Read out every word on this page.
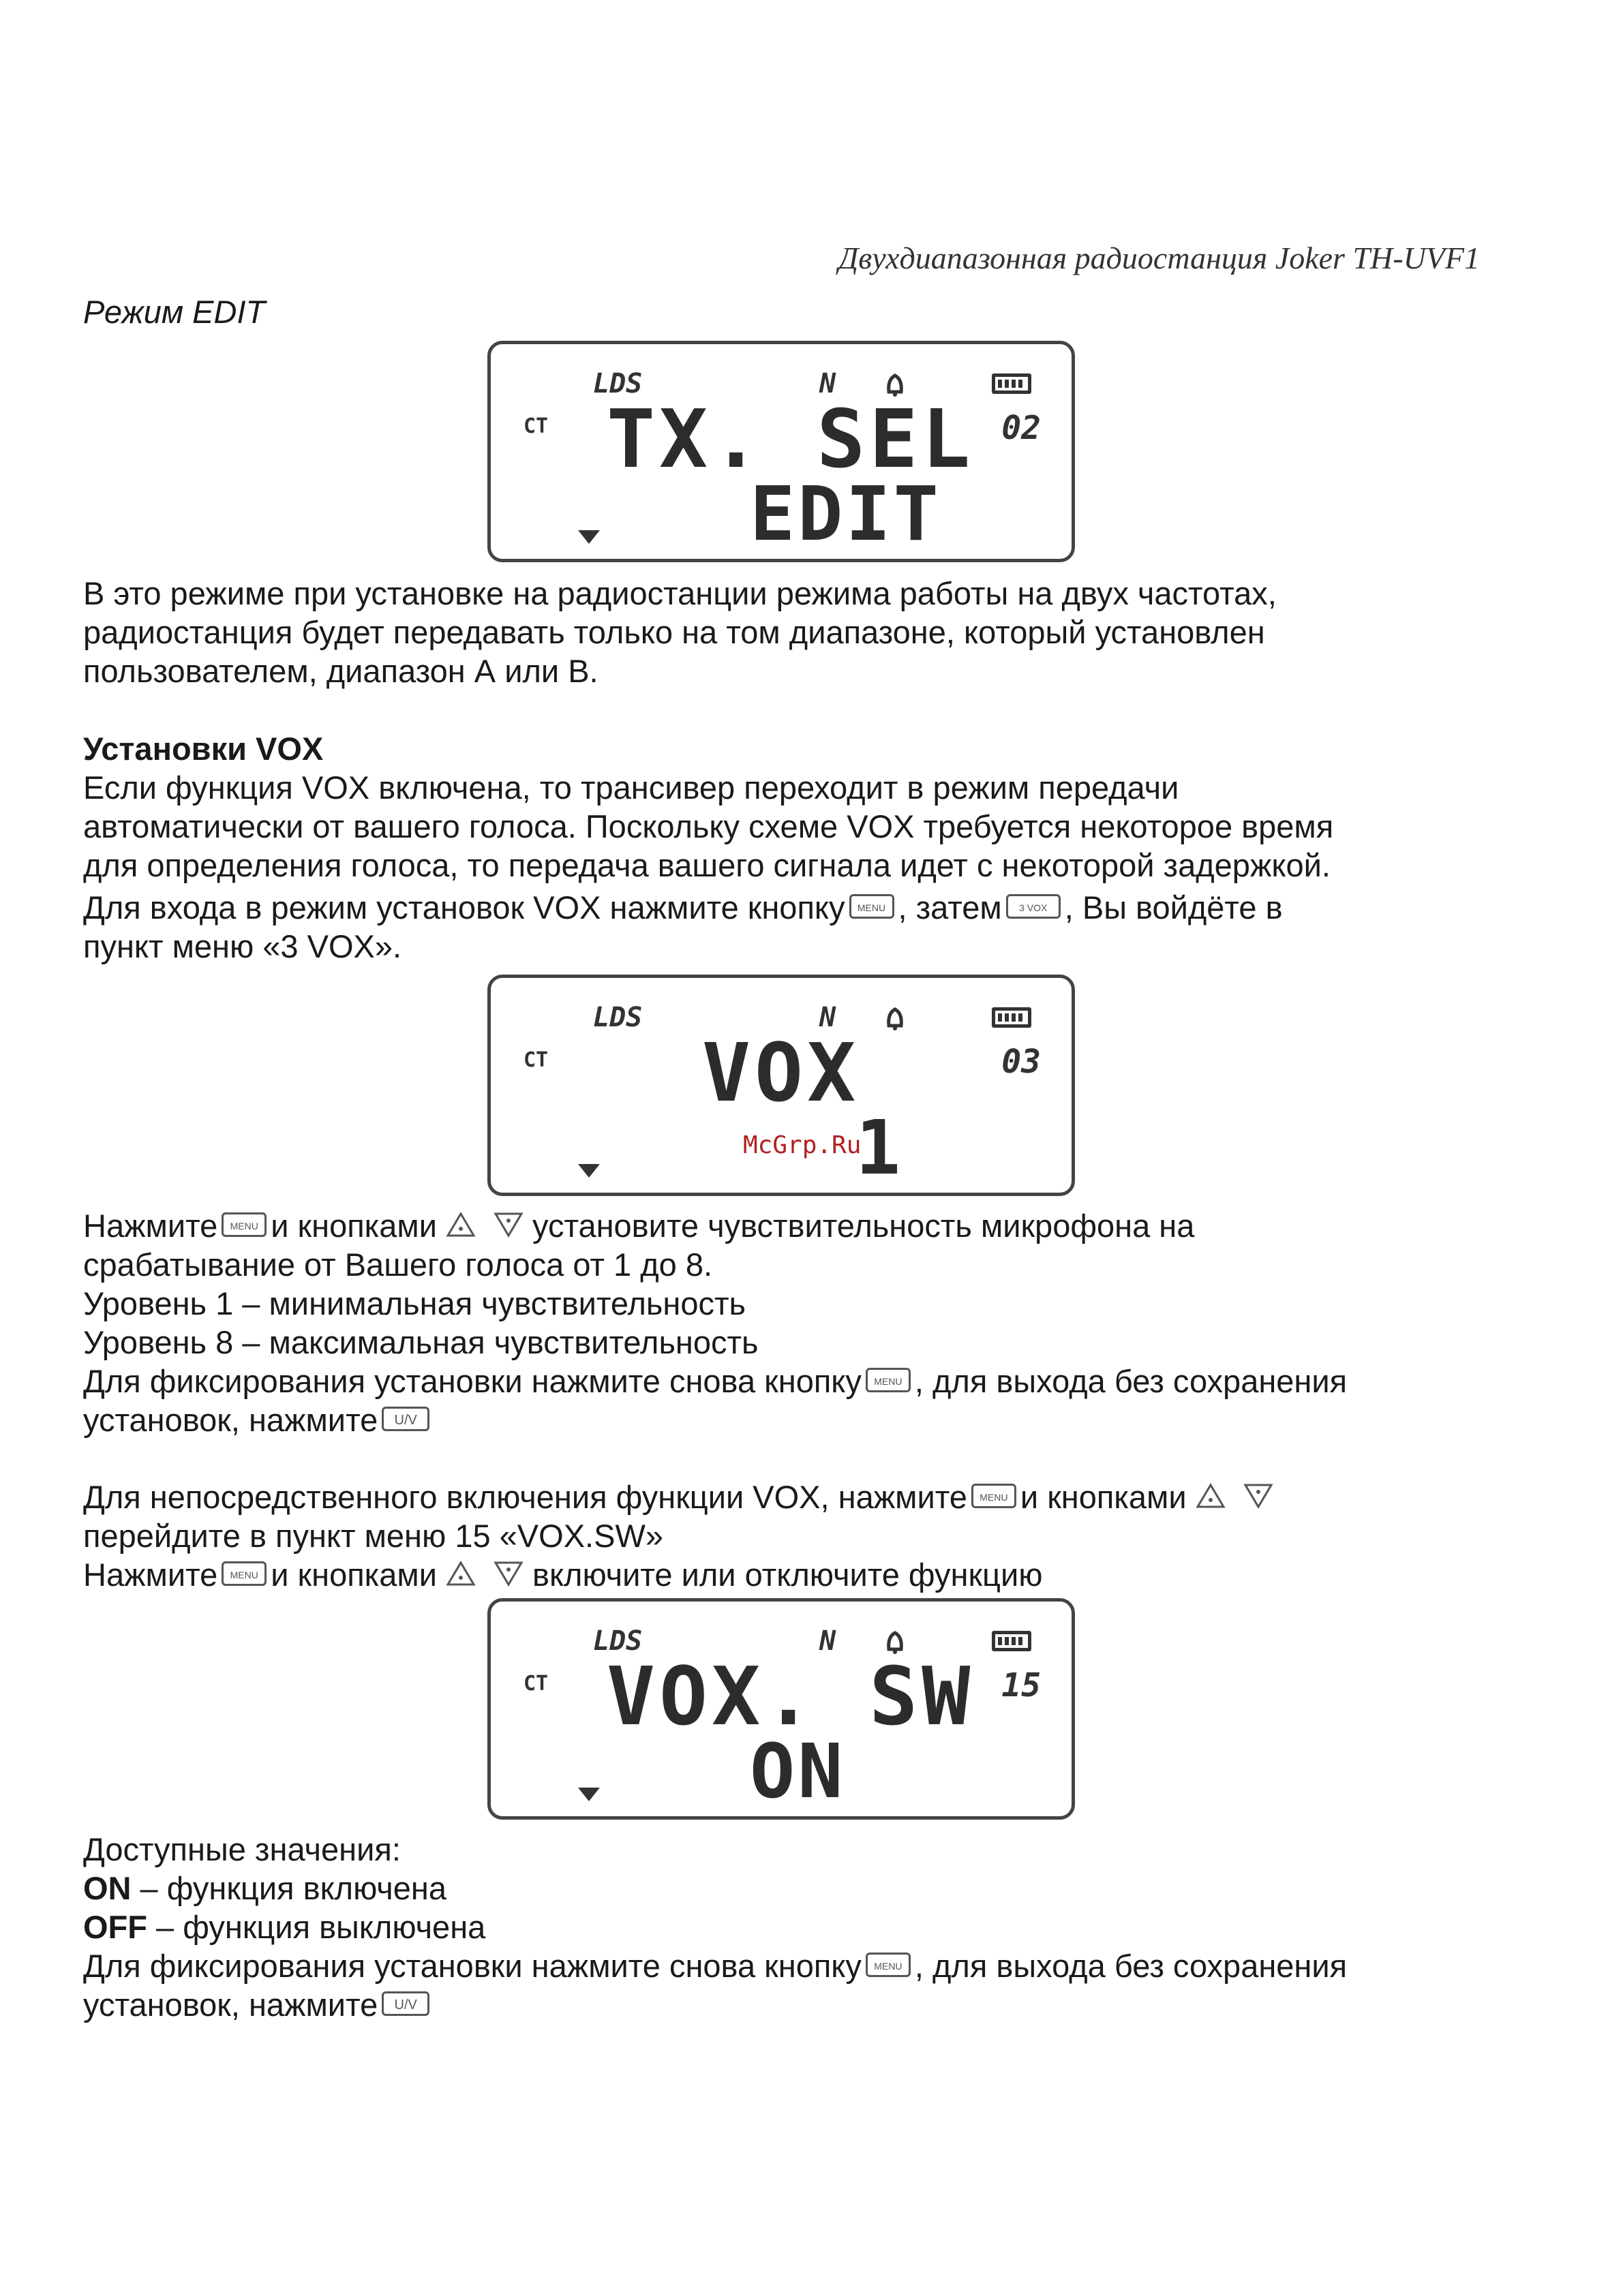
Двухдиапазонная радиостанция Joker TH-UVF1
Режим EDIT
LDS	N
CT TX. SEL 02
EDIT
В это режиме при установке на радиостанции режима работы на двух частотах,
радиостанция будет передавать только на том диапазоне, который установлен
пользователем, диапазон А или В.
Установки VOX
Если функция VOX включена, то трансивер переходит в режим передачи
автоматически от вашего голоса. Поскольку схеме VOX требуется некоторое время
для определения голоса, то передача вашего сигнала идет с некоторой задержкой.
Для входа в режим установок VOX нажмите кнопку MENU , затем 3 VOX , Вы войдёте в
пункт меню «3 VOX».
LDS	N
CT VOX	03
1
McGrp.Ru
Нажмите MENU и кнопками	установите чувствительность микрофона на
срабатывание от Вашего голоса от 1 до 8.
Уровень 1 – минимальная чувствительность
Уровень 8 – максимальная чувствительность
Для фиксирования установки нажмите снова кнопку MENU , для выхода без сохранения
установок, нажмите U/V
Для непосредственного включения функции VOX, нажмите MENU и кнопками
перейдите в пункт меню 15 «VOX.SW»
Нажмите MENU и кнопками	включите или отключите функцию
LDS	N
CT VOX. SW 15
ON
Доступные значения:
ON – функция включена
OFF – функция выключена
Для фиксирования установки нажмите снова кнопку MENU , для выхода без сохранения
установок, нажмите U/V
